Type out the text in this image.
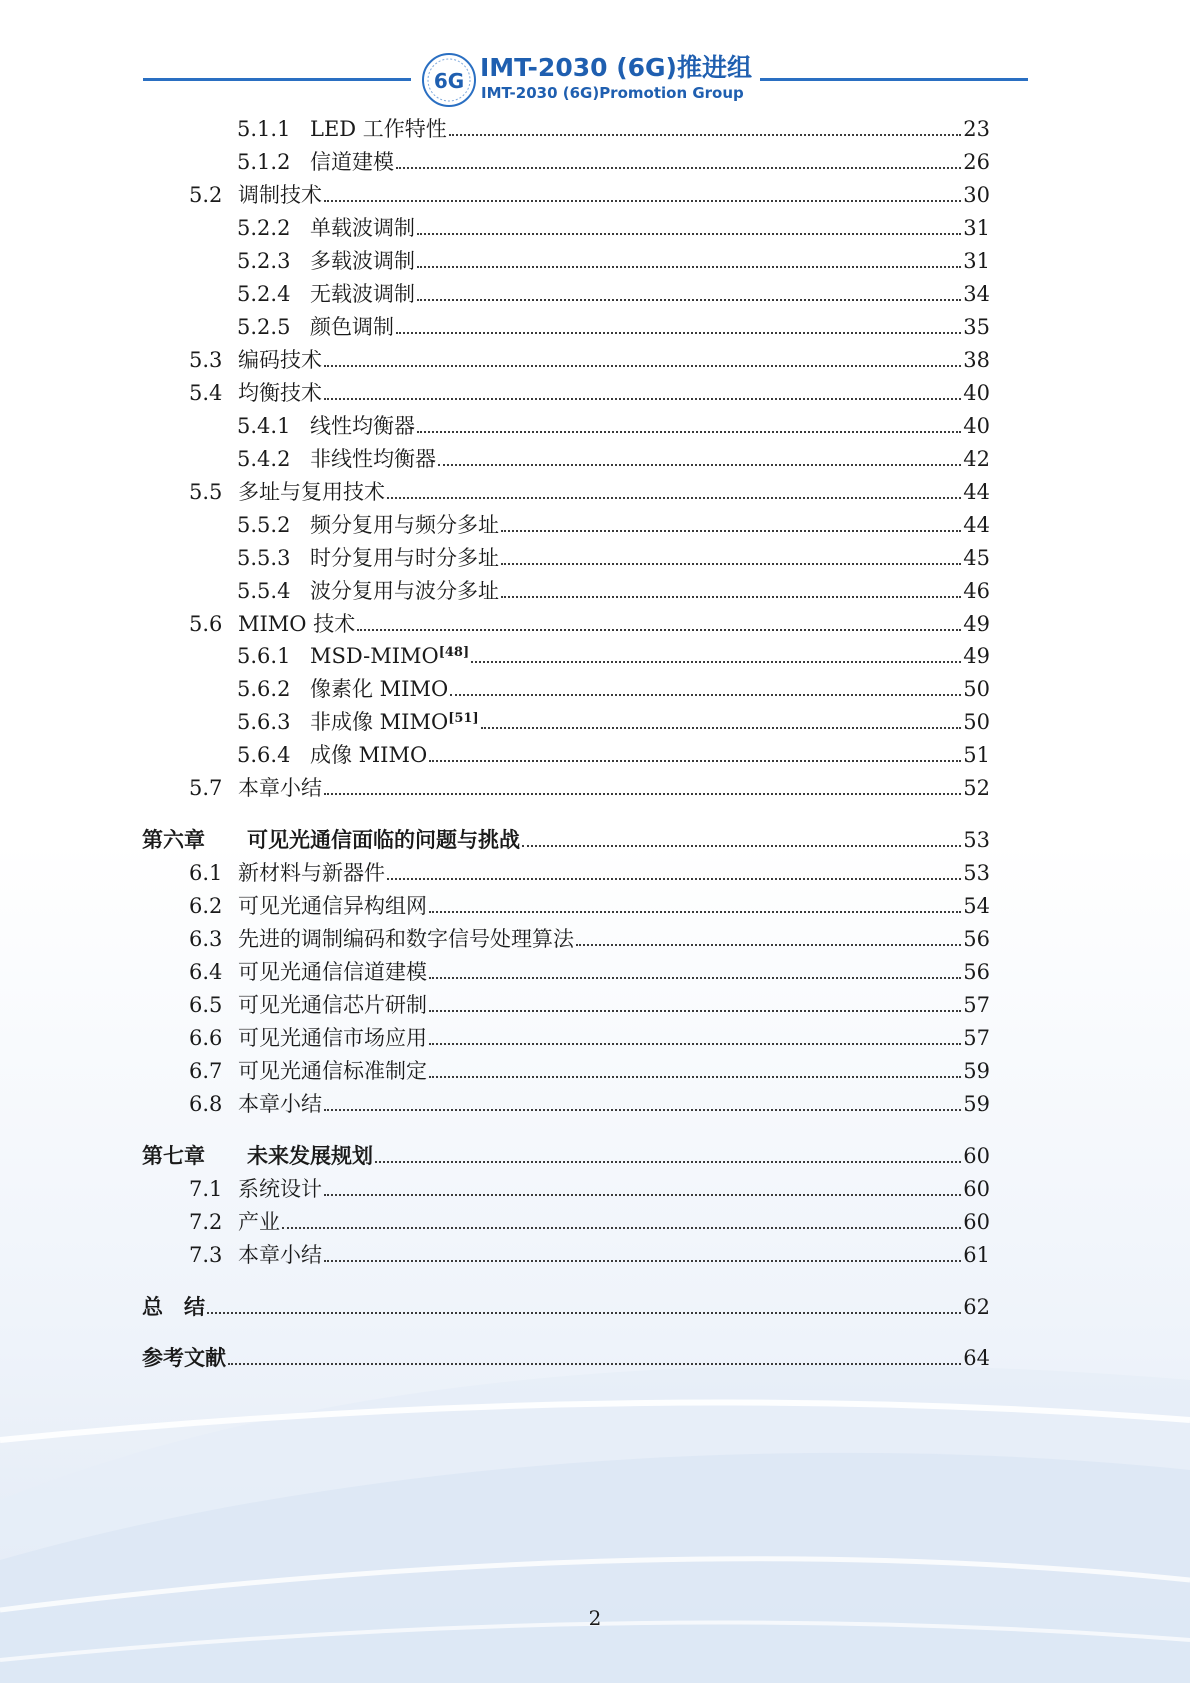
6G IMT-2030 (6G)推进组
IMT-2030 (6G)Promotion Group
5.1.1 LED 工作特性	23
5.1.2 信道建模	26
5.2 调制技术	30
5.2.2 单载波调制	31
5.2.3 多载波调制	31
5.2.4 无载波调制	34
5.2.5 颜色调制	35
5.3 编码技术	38
5.4 均衡技术	40
5.4.1 线性均衡器	40
5.4.2 非线性均衡器	42
5.5 多址与复用技术	44
5.5.2 频分复用与频分多址	44
5.5.3 时分复用与时分多址	45
5.5.4 波分复用与波分多址	46
5.6 MIMO 技术	49
5.6.1 MSD-MIMO[48]	49
5.6.2 像素化 MIMO	50
5.6.3 非成像 MIMO[51]	50
5.6.4 成像 MIMO	51
5.7 本章小结	52
第六章	可见光通信面临的问题与挑战	53
6.1 新材料与新器件	53
6.2 可见光通信异构组网	54
6.3 先进的调制编码和数字信号处理算法	56
6.4 可见光通信信道建模	56
6.5 可见光通信芯片研制	57
6.6 可见光通信市场应用	57
6.7 可见光通信标准制定	59
6.8 本章小结	59
第七章	未来发展规划	60
7.1 系统设计	60
7.2 产业	60
7.3 本章小结	61
总　结	62
参考文献	64
2
